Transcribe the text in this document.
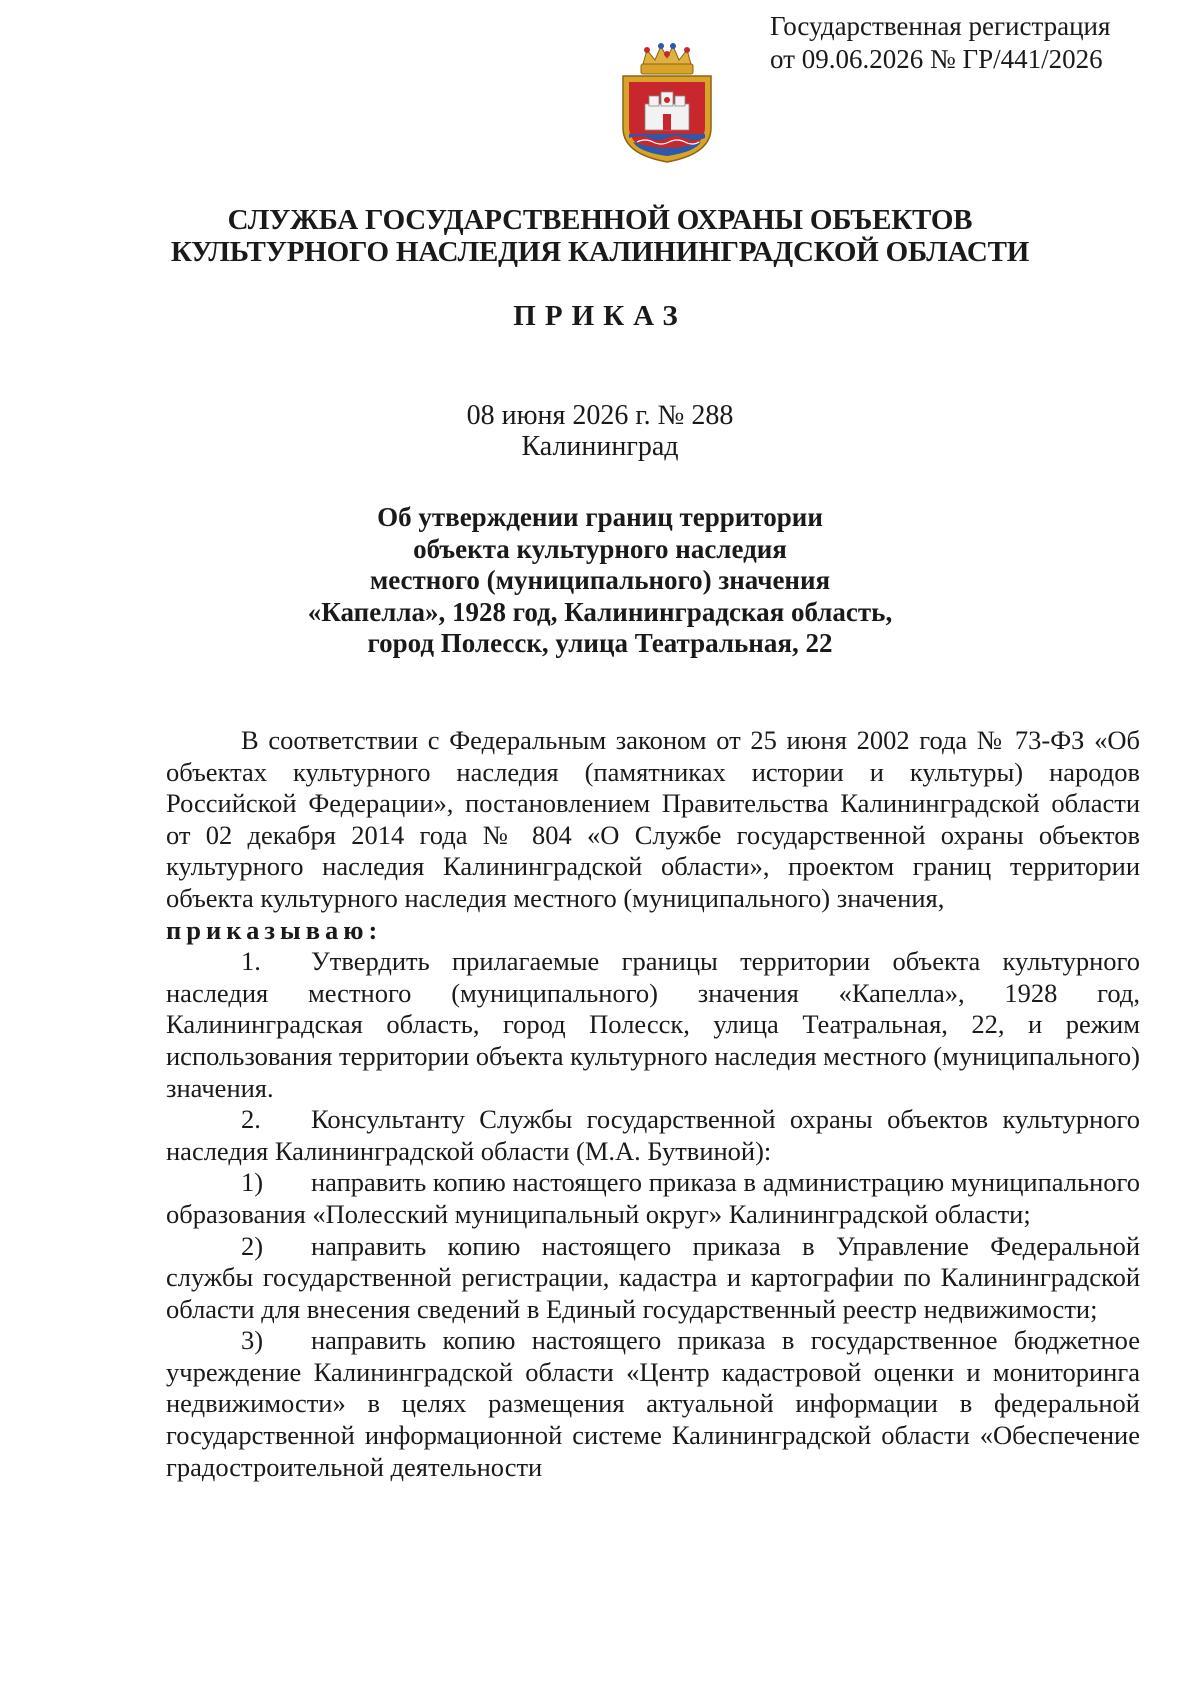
Государственная регистрация
от 09.06.2026 № ГР/441/2026
СЛУЖБА ГОСУДАРСТВЕННОЙ ОХРАНЫ ОБЪЕКТОВ
КУЛЬТУРНОГО НАСЛЕДИЯ КАЛИНИНГРАДСКОЙ ОБЛАСТИ
ПРИКАЗ
08 июня 2026 г. № 288
Калининград
Об утверждении границ территории
объекта культурного наследия
местного (муниципального) значения
«Капелла», 1928 год, Калининградская область,
город Полесск, улица Театральная, 22

В соответствии с Федеральным законом от 25 июня 2002 года № 73-ФЗ «Об объектах культурного наследия (памятниках истории и культуры) народов Российской Федерации», постановлением Правительства Калининградской области от 02 декабря 2014 года № 804 «О Службе государственной охраны объектов культурного наследия Калининградской области», проектом границ территории объекта культурного наследия местного (муниципального) значения,

приказываю:

1. Утвердить прилагаемые границы территории объекта культурного наследия местного (муниципального) значения «Капелла», 1928 год, Калининградская область, город Полесск, улица Театральная, 22, и режим использования территории объекта культурного наследия местного (муниципального) значения.

2. Консультанту Службы государственной охраны объектов культурного наследия Калининградской области (М.А. Бутвиной):

1) направить копию настоящего приказа в администрацию муниципального образования «Полесский муниципальный округ» Калининградской области;

2) направить копию настоящего приказа в Управление Федеральной службы государственной регистрации, кадастра и картографии по Калининградской области для внесения сведений в Единый государственный реестр недвижимости;

3) направить копию настоящего приказа в государственное бюджетное учреждение Калининградской области «Центр кадастровой оценки и мониторинга недвижимости» в целях размещения актуальной информации в федеральной государственной информационной системе Калининградской области «Обеспечение градостроительной деятельности
